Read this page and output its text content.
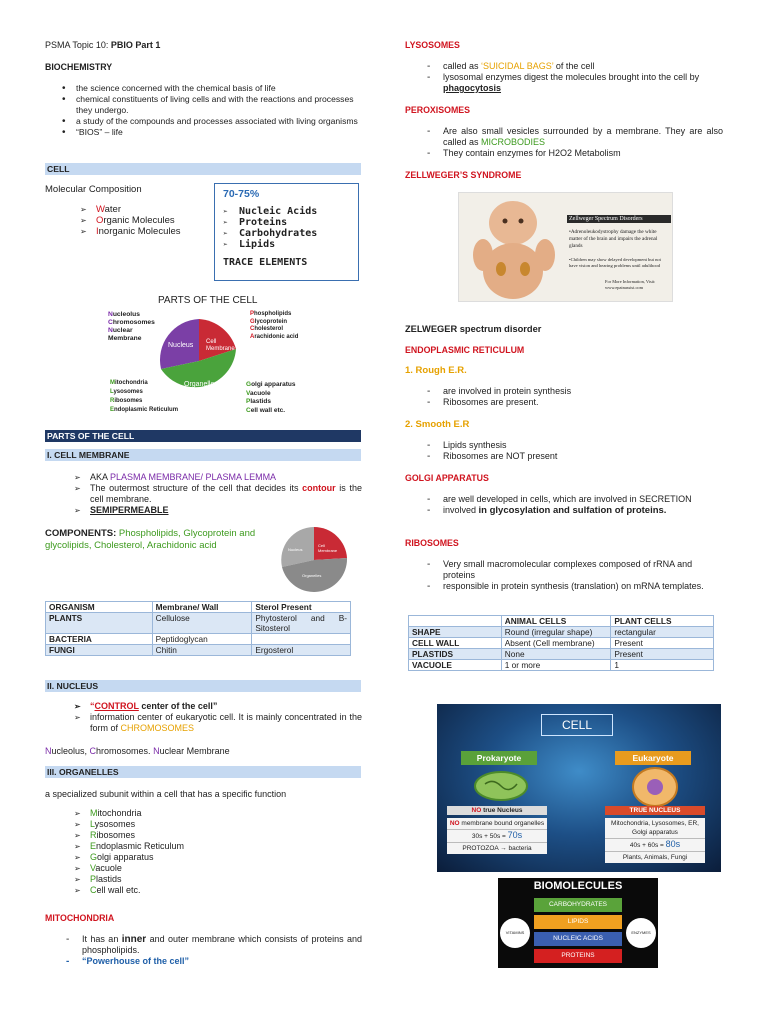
PSMA Topic 10: PBIO Part 1
BIOCHEMISTRY
• the science concerned with the chemical basis of life
• chemical constituents of living cells and with the reactions and processes they undergo.
• a study of the compounds and processes associated with living organisms
• “BIOS” – life
CELL
Molecular Composition
➢ Water
➢ Organic Molecules
➢ Inorganic Molecules
70-75%
➢ Nucleic Acids
➢ Proteins
➢ Carbohydrates
➢ Lipids
TRACE ELEMENTS
PARTS OF THE CELL
Nucleus Cell Membrane
Organelles
Nucleolus
Chromosomes
Nuclear
Membrane
Phospholipids
Glycoprotein
Cholesterol
Arachidonic acid
Mitochondria
Lysosomes
Ribosomes
Endoplasmic Reticulum
Golgi apparatus
Vacuole
Plastids
Cell wall etc.
PARTS OF THE CELL
I. CELL MEMBRANE
➢ AKA PLASMA MEMBRANE/ PLASMA LEMMA
➢ The outermost structure of the cell that decides its contour is the cell membrane.
➢ SEMIPERMEABLE
COMPONENTS: Phospholipids, Glycoprotein and glycolipids, Cholesterol, Arachidonic acid	Nucleus
Cell Membrane
Organelles
ORGANISM	Membrane/ Wall	Sterol Present
PLANTS	Cellulose	Phytosterol and B-Sitosterol
BACTERIA	Peptidoglycan	
FUNGI	Chitin	Ergosterol
II. NUCLEUS
➢ “CONTROL center of the cell”
➢ information center of eukaryotic cell. It is mainly concentrated in the form of CHROMOSOMES
Nucleolus, Chromosomes. Nuclear Membrane
III. ORGANELLES
a specialized subunit within a cell that has a specific function
➢ Mitochondria
➢ Lysosomes
➢ Ribosomes
➢ Endoplasmic Reticulum
➢ Golgi apparatus
➢ Vacuole
➢ Plastids
➢ Cell wall etc.
MITOCHONDRIA
- It has an inner and outer membrane which consists of proteins and phospholipids.
- “Powerhouse of the cell”
LYSOSOMES
- called as ‘SUICIDAL BAGS’ of the cell
- lysosomal enzymes digest the molecules brought into the cell by phagocytosis
PEROXISOMES
- Are also small vesicles surrounded by a membrane. They are also called as MICROBODIES
- They contain enzymes for H2O2 Metabolism
ZELLWEGER’S SYNDROME
Zellweger Spectrum Disorders
•Adrenoleukodystrophy damage the white matter of the brain and impairs the adrenal glands
•Children may show delayed development but not have vision and hearing problems until adulthood
For More Information, Visit: www.epainassist.com
ZELWEGER spectrum disorder
ENDOPLASMIC RETICULUM
1. Rough E.R.
- are involved in protein synthesis
- Ribosomes are present.
2. Smooth E.R
- Lipids synthesis
- Ribosomes are NOT present
GOLGI APPARATUS
- are well developed in cells, which are involved in SECRETION
- involved in glycosylation and sulfation of proteins.
RIBOSOMES
- Very small macromolecular complexes composed of rRNA and proteins
- responsible in protein synthesis (translation) on mRNA templates.
	ANIMAL CELLS	PLANT CELLS
SHAPE	Round (irregular shape)	rectangular
CELL WALL	Absent (Cell membrane)	Present
PLASTIDS	None	Present
VACUOLE	1 or more	1
CELL
Prokaryote	Eukaryote
NO true Nucleus	TRUE NUCLEUS
NO membrane bound organelles
30s + 50s = 70s
PROTOZOA → bacteria
Mitochondria, Lysosomes, ER, Golgi apparatus
40s + 60s = 80s
Plants, Animals, Fungi
BIOMOLECULES
CARBOHYDRATES
LIPIDS
NUCLEIC ACIDS
PROTEINS
VITAMINS	ENZYMES
